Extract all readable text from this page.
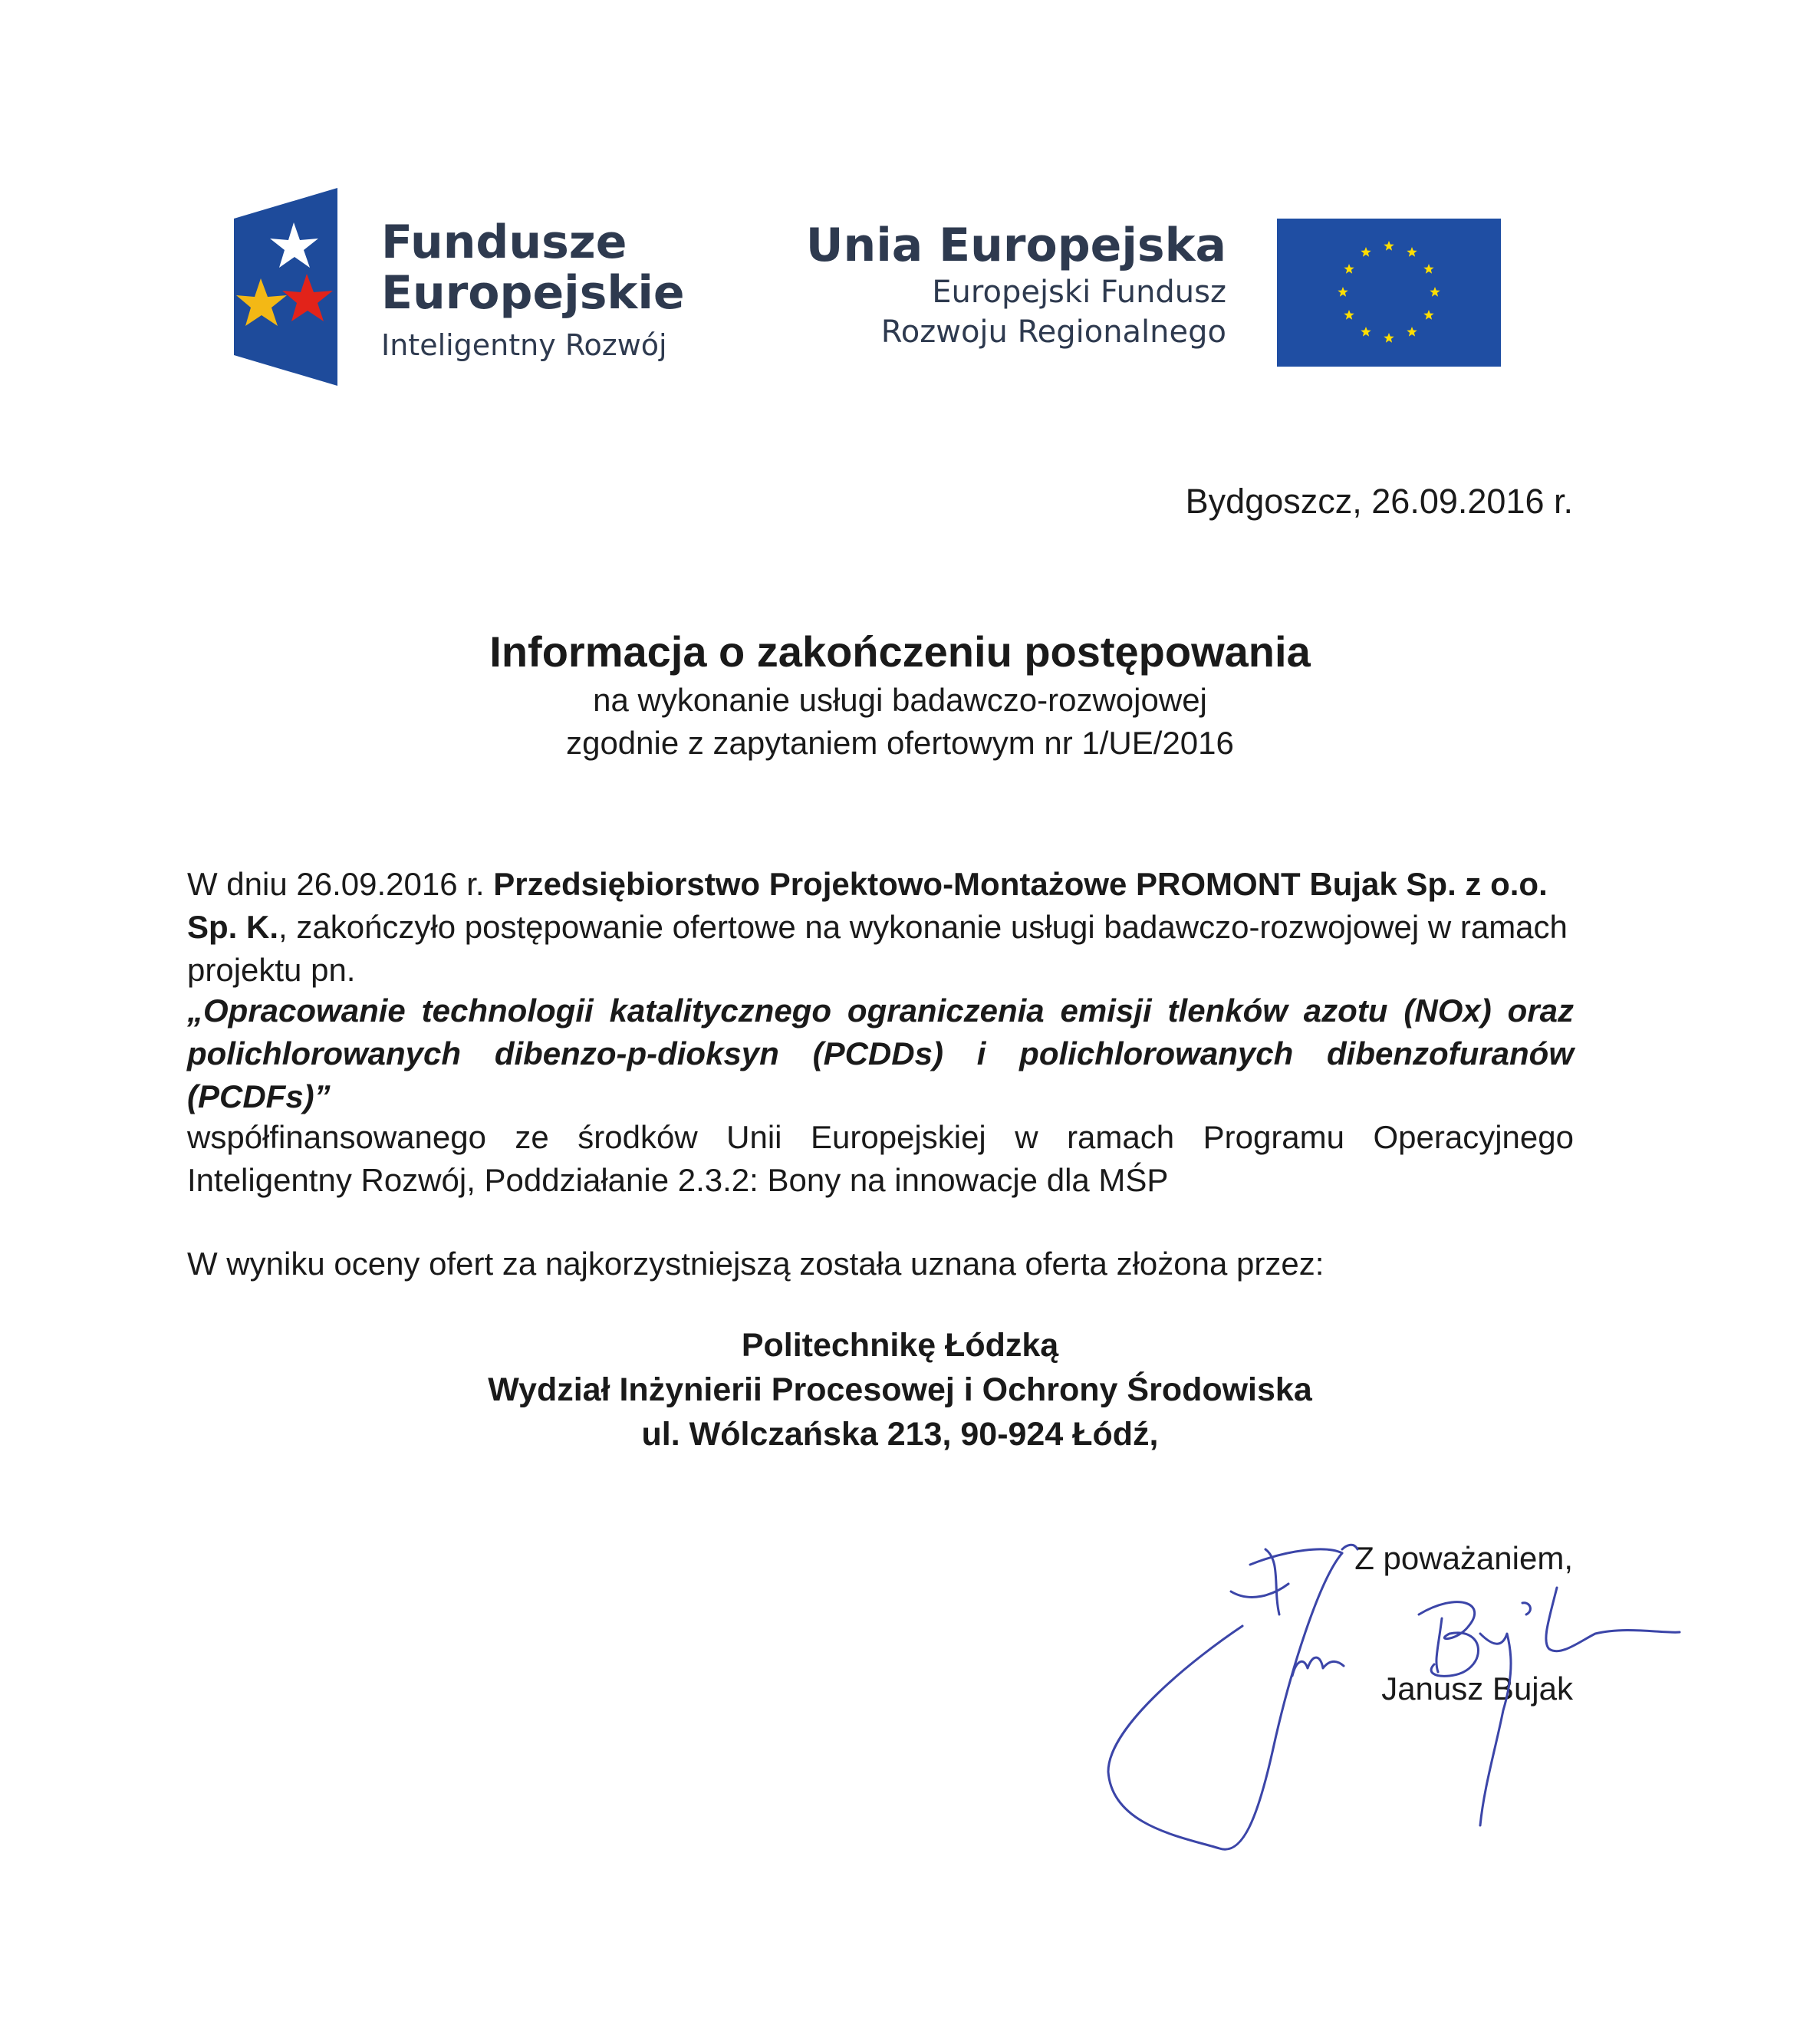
Fundusze
Europejskie
Inteligentny Rozwój
Unia Europejska
Europejski Fundusz
Rozwoju Regionalnego
Bydgoszcz, 26.09.2016 r.
Informacja o zakończeniu postępowania
na wykonanie usługi badawczo-rozwojowej
zgodnie z zapytaniem ofertowym nr 1/UE/2016
W dniu 26.09.2016 r. Przedsiębiorstwo Projektowo-Montażowe PROMONT Bujak Sp. z o.o. Sp. K., zakończyło postępowanie ofertowe na wykonanie usługi badawczo-rozwojowej w ramach projektu pn.
„Opracowanie technologii katalitycznego ograniczenia emisji tlenków azotu (NOx) oraz polichlorowanych dibenzo-p-dioksyn (PCDDs) i polichlorowanych dibenzofuranów (PCDFs)”
współfinansowanego ze środków Unii Europejskiej w ramach Programu Operacyjnego Inteligentny Rozwój, Poddziałanie 2.3.2: Bony na innowacje dla MŚP
W wyniku oceny ofert za najkorzystniejszą została uznana oferta złożona przez:
Politechnikę Łódzką
Wydział Inżynierii Procesowej i Ochrony Środowiska
ul. Wólczańska 213, 90-924 Łódź,
Z poważaniem,
Janusz Bujak
